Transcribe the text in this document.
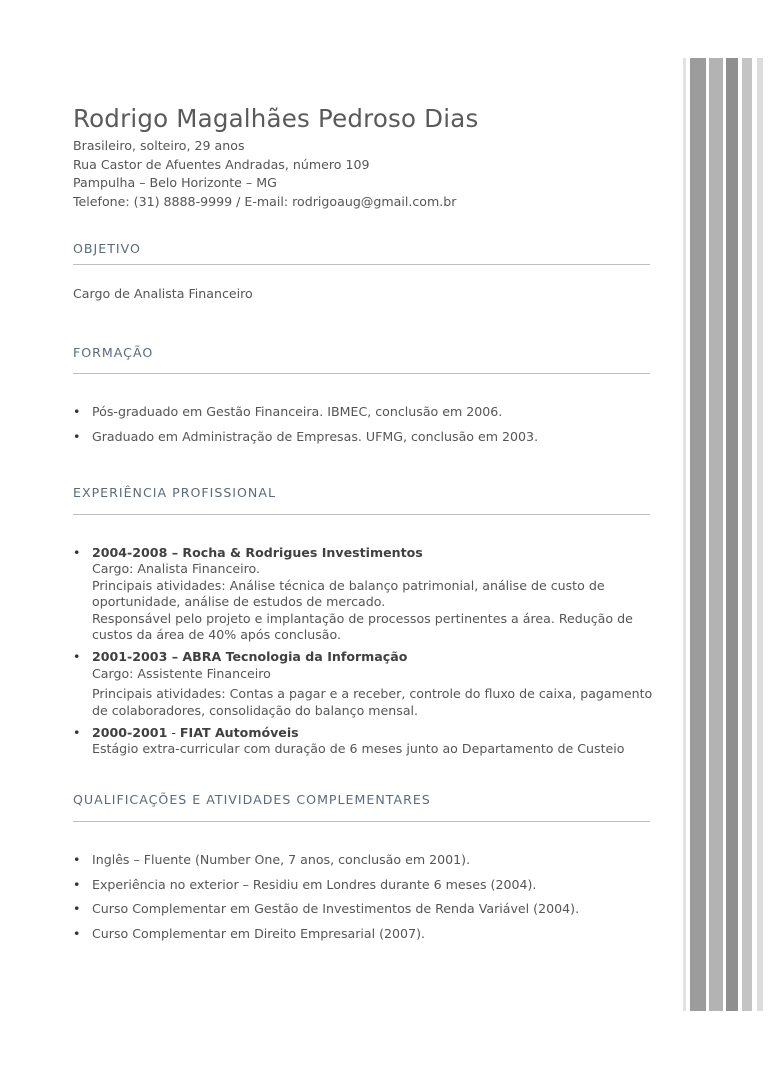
Rodrigo Magalhães Pedroso Dias
Brasileiro, solteiro, 29 anos
Rua Castor de Afuentes Andradas, número 109
Pampulha – Belo Horizonte – MG
Telefone: (31) 8888-9999 / E-mail: rodrigoaug@gmail.com.br
OBJETIVO
Cargo de Analista Financeiro
FORMAÇÃO
• Pós-graduado em Gestão Financeira. IBMEC, conclusão em 2006.
• Graduado em Administração de Empresas. UFMG, conclusão em 2003.
EXPERIÊNCIA PROFISSIONAL
• 2004-2008 – Rocha & Rodrigues Investimentos
Cargo: Analista Financeiro.
Principais atividades: Análise técnica de balanço patrimonial, análise de custo de
oportunidade, análise de estudos de mercado.
Responsável pelo projeto e implantação de processos pertinentes a área. Redução de
custos da área de 40% após conclusão.
• 2001-2003 – ABRA Tecnologia da Informação
Cargo: Assistente Financeiro
Principais atividades: Contas a pagar e a receber, controle do fluxo de caixa, pagamento
de colaboradores, consolidação do balanço mensal.
• 2000-2001 - FIAT Automóveis
Estágio extra-curricular com duração de 6 meses junto ao Departamento de Custeio
QUALIFICAÇÕES E ATIVIDADES COMPLEMENTARES
• Inglês – Fluente (Number One, 7 anos, conclusão em 2001).
• Experiência no exterior – Residiu em Londres durante 6 meses (2004).
• Curso Complementar em Gestão de Investimentos de Renda Variável (2004).
• Curso Complementar em Direito Empresarial (2007).
